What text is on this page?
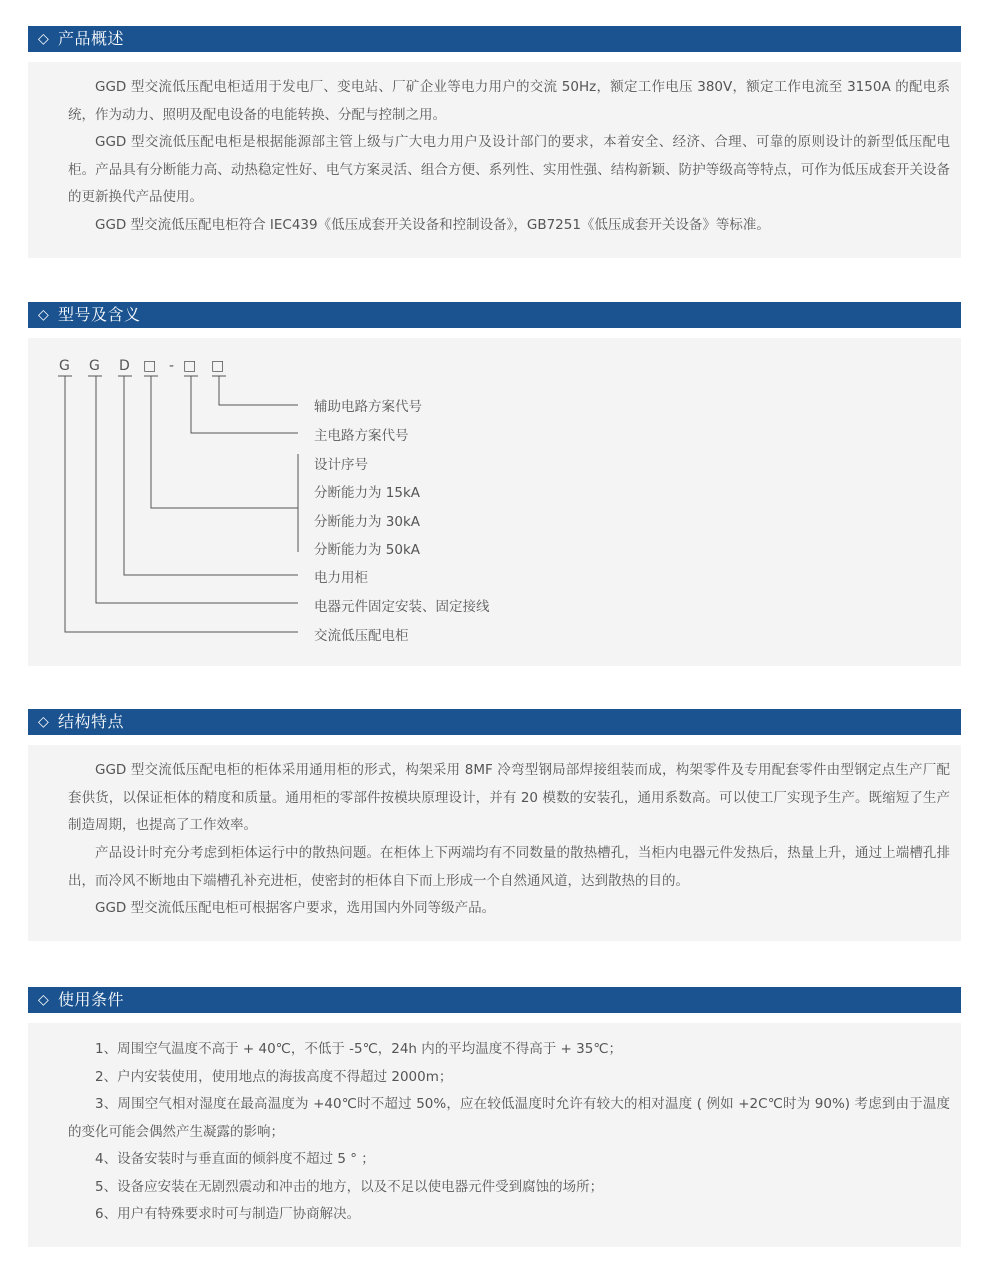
◇ 产品概述

GGD 型交流低压配电柜适用于发电厂、变电站、厂矿企业等电力用户的交流 50Hz，额定工作电压 380V，额定工作电流至 3150A 的配电系统，作为动力、照明及配电设备的电能转换、分配与控制之用。

GGD 型交流低压配电柜是根据能源部主管上级与广大电力用户及设计部门的要求，本着安全、经济、合理、可靠的原则设计的新型低压配电柜。产品具有分断能力高、动热稳定性好、电气方案灵活、组合方便、系列性、实用性强、结构新颖、防护等级高等特点，可作为低压成套开关设备的更新换代产品使用。

GGD 型交流低压配电柜符合 IEC439《低压成套开关设备和控制设备》，GB7251《低压成套开关设备》等标准。

◇ 型号及含义
G G D □ - □ □
辅助电路方案代号
主电路方案代号
设计序号
分断能力为 15kA
分断能力为 30kA
分断能力为 50kA
电力用柜
电器元件固定安装、固定接线
交流低压配电柜
◇ 结构特点

GGD 型交流低压配电柜的柜体采用通用柜的形式，构架采用 8MF 冷弯型钢局部焊接组装而成，构架零件及专用配套零件由型钢定点生产厂配套供货，以保证柜体的精度和质量。通用柜的零部件按模块原理设计，并有 20 模数的安装孔，通用系数高。可以使工厂实现予生产。既缩短了生产制造周期，也提高了工作效率。

产品设计时充分考虑到柜体运行中的散热问题。在柜体上下两端均有不同数量的散热槽孔，当柜内电器元件发热后，热量上升，通过上端槽孔排出，而冷风不断地由下端槽孔补充进柜，使密封的柜体自下而上形成一个自然通风道，达到散热的目的。

GGD 型交流低压配电柜可根据客户要求，选用国内外同等级产品。

◇ 使用条件
1、周围空气温度不高于 + 40℃，不低于 -5℃，24h 内的平均温度不得高于 + 35℃；
2、户内安装使用，使用地点的海拔高度不得超过 2000m；
3、周围空气相对湿度在最高温度为 +40℃时不超过 50%，应在较低温度时允许有较大的相对温度 ( 例如 +2C℃时为 90%) 考虑到由于温度的变化可能会偶然产生凝露的影响；
4、设备安装时与垂直面的倾斜度不超过 5 ° ；
5、设备应安装在无剧烈震动和冲击的地方，以及不足以使电器元件受到腐蚀的场所；
6、用户有特殊要求时可与制造厂协商解决。
